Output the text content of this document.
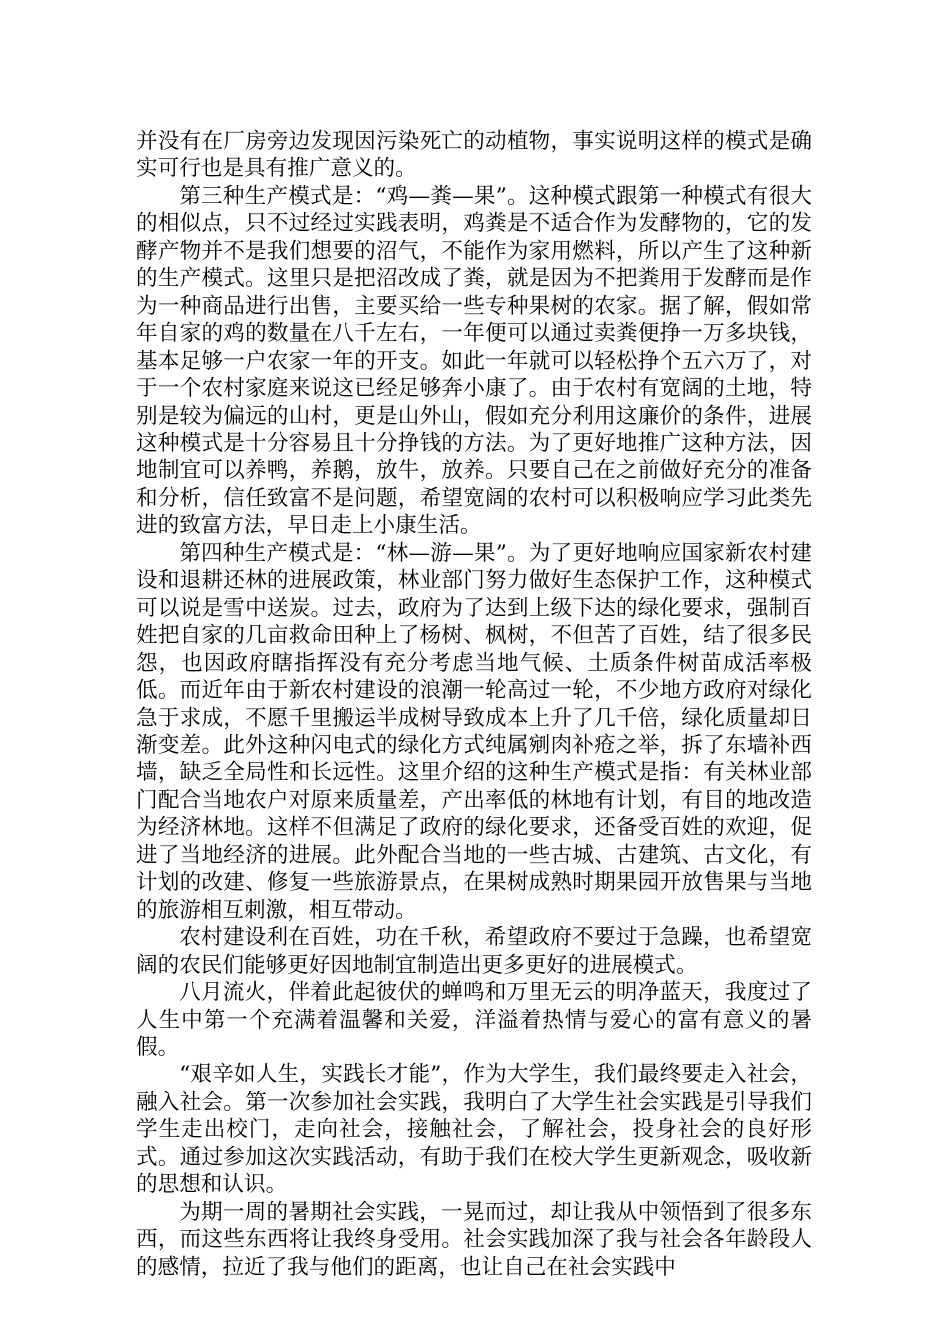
并没有在厂房旁边发现因污染死亡的动植物，事实说明这样的模式是确实可行也是具有推广意义的。

第三种生产模式是：“鸡—粪—果”。这种模式跟第一种模式有很大的相似点，只不过经过实践表明，鸡粪是不适合作为发酵物的，它的发酵产物并不是我们想要的沼气，不能作为家用燃料，所以产生了这种新的生产模式。这里只是把沼改成了粪，就是因为不把粪用于发酵而是作为一种商品进行出售，主要买给一些专种果树的农家。据了解，假如常年自家的鸡的数量在八千左右，一年便可以通过卖粪便挣一万多块钱，基本足够一户农家一年的开支。如此一年就可以轻松挣个五六万了，对于一个农村家庭来说这已经足够奔小康了。由于农村有宽阔的土地，特别是较为偏远的山村，更是山外山，假如充分利用这廉价的条件，进展这种模式是十分容易且十分挣钱的方法。为了更好地推广这种方法，因地制宜可以养鸭，养鹅，放牛，放养。只要自己在之前做好充分的准备和分析，信任致富不是问题，希望宽阔的农村可以积极响应学习此类先进的致富方法，早日走上小康生活。

第四种生产模式是：“林—游—果”。为了更好地响应国家新农村建设和退耕还林的进展政策，林业部门努力做好生态保护工作，这种模式可以说是雪中送炭。过去，政府为了达到上级下达的绿化要求，强制百姓把自家的几亩救命田种上了杨树、枫树，不但苦了百姓，结了很多民怨，也因政府瞎指挥没有充分考虑当地气候、土质条件树苗成活率极低。而近年由于新农村建设的浪潮一轮高过一轮，不少地方政府对绿化急于求成，不愿千里搬运半成树导致成本上升了几千倍，绿化质量却日渐变差。此外这种闪电式的绿化方式纯属剜肉补疮之举，拆了东墙补西墙，缺乏全局性和长远性。这里介绍的这种生产模式是指：有关林业部门配合当地农户对原来质量差，产出率低的林地有计划，有目的地改造为经济林地。这样不但满足了政府的绿化要求，还备受百姓的欢迎，促进了当地经济的进展。此外配合当地的一些古城、古建筑、古文化，有计划的改建、修复一些旅游景点，在果树成熟时期果园开放售果与当地的旅游相互刺激，相互带动。

农村建设利在百姓，功在千秋，希望政府不要过于急躁，也希望宽阔的农民们能够更好因地制宜制造出更多更好的进展模式。

八月流火，伴着此起彼伏的蝉鸣和万里无云的明净蓝天，我度过了人生中第一个充满着温馨和关爱，洋溢着热情与爱心的富有意义的暑假。

“艰辛如人生，实践长才能”，作为大学生，我们最终要走入社会，融入社会。第一次参加社会实践，我明白了大学生社会实践是引导我们学生走出校门，走向社会，接触社会，了解社会，投身社会的良好形式。通过参加这次实践活动，有助于我们在校大学生更新观念，吸收新的思想和认识。

为期一周的暑期社会实践，一晃而过，却让我从中领悟到了很多东西，而这些东西将让我终身受用。社会实践加深了我与社会各年龄段人的感情，拉近了我与他们的距离，也让自己在社会实践中
